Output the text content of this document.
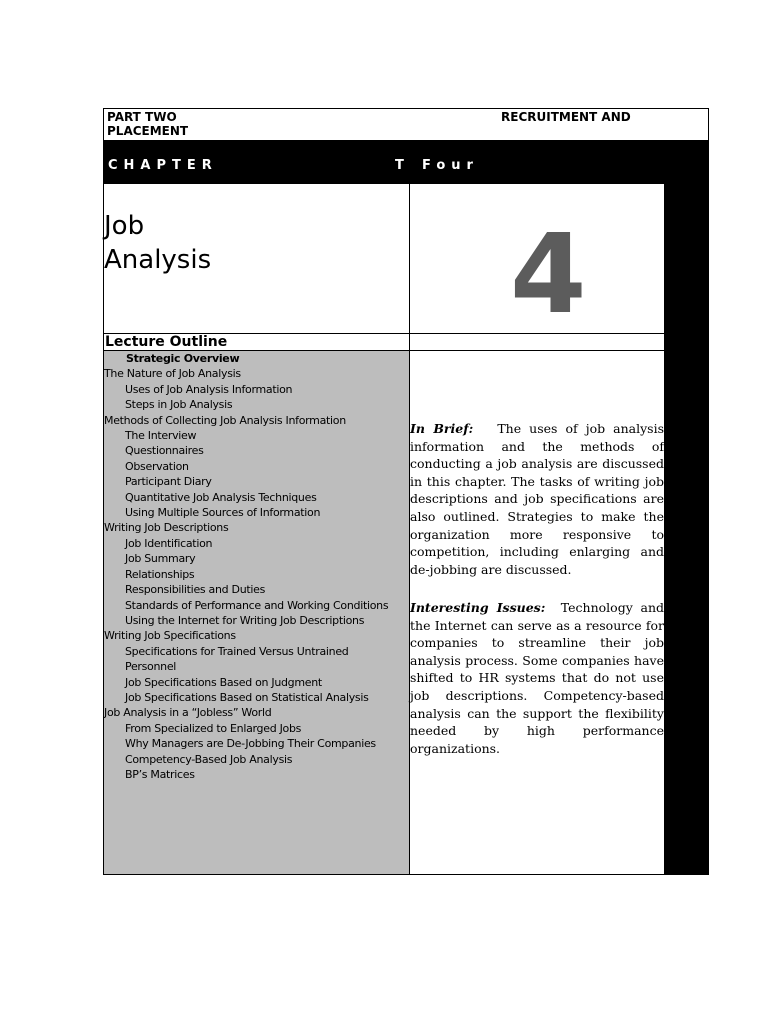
PART TWO PLACEMENT
RECRUITMENT AND
CHAPTER	T Four
Job Analysis	4
Lecture Outline
Strategic Overview
The Nature of Job Analysis
Uses of Job Analysis Information
Steps in Job Analysis
Methods of Collecting Job Analysis Information
The Interview
Questionnaires
Observation
Participant Diary
Quantitative Job Analysis Techniques
Using Multiple Sources of Information
Writing Job Descriptions
Job Identification
Job Summary
Relationships
Responsibilities and Duties
Standards of Performance and Working Conditions
Using the Internet for Writing Job Descriptions
Writing Job Specifications
Specifications for Trained Versus Untrained
Personnel
Job Specifications Based on Judgment
Job Specifications Based on Statistical Analysis
Job Analysis in a “Jobless” World
From Specialized to Enlarged Jobs
Why Managers are De-Jobbing Their Companies
Competency-Based Job Analysis
BP’s Matrices

In Brief: The uses of job analysis information and the methods of conducting a job analysis are discussed in this chapter. The tasks of writing job descriptions and job specifications are also outlined. Strategies to make the organization more responsive to competition, including enlarging and de-jobbing are discussed.

Interesting Issues: Technology and the Internet can serve as a resource for companies to streamline their job analysis process. Some companies have shifted to HR systems that do not use job descriptions. Competency-based analysis can the support the flexibility needed by high performance organizations.
